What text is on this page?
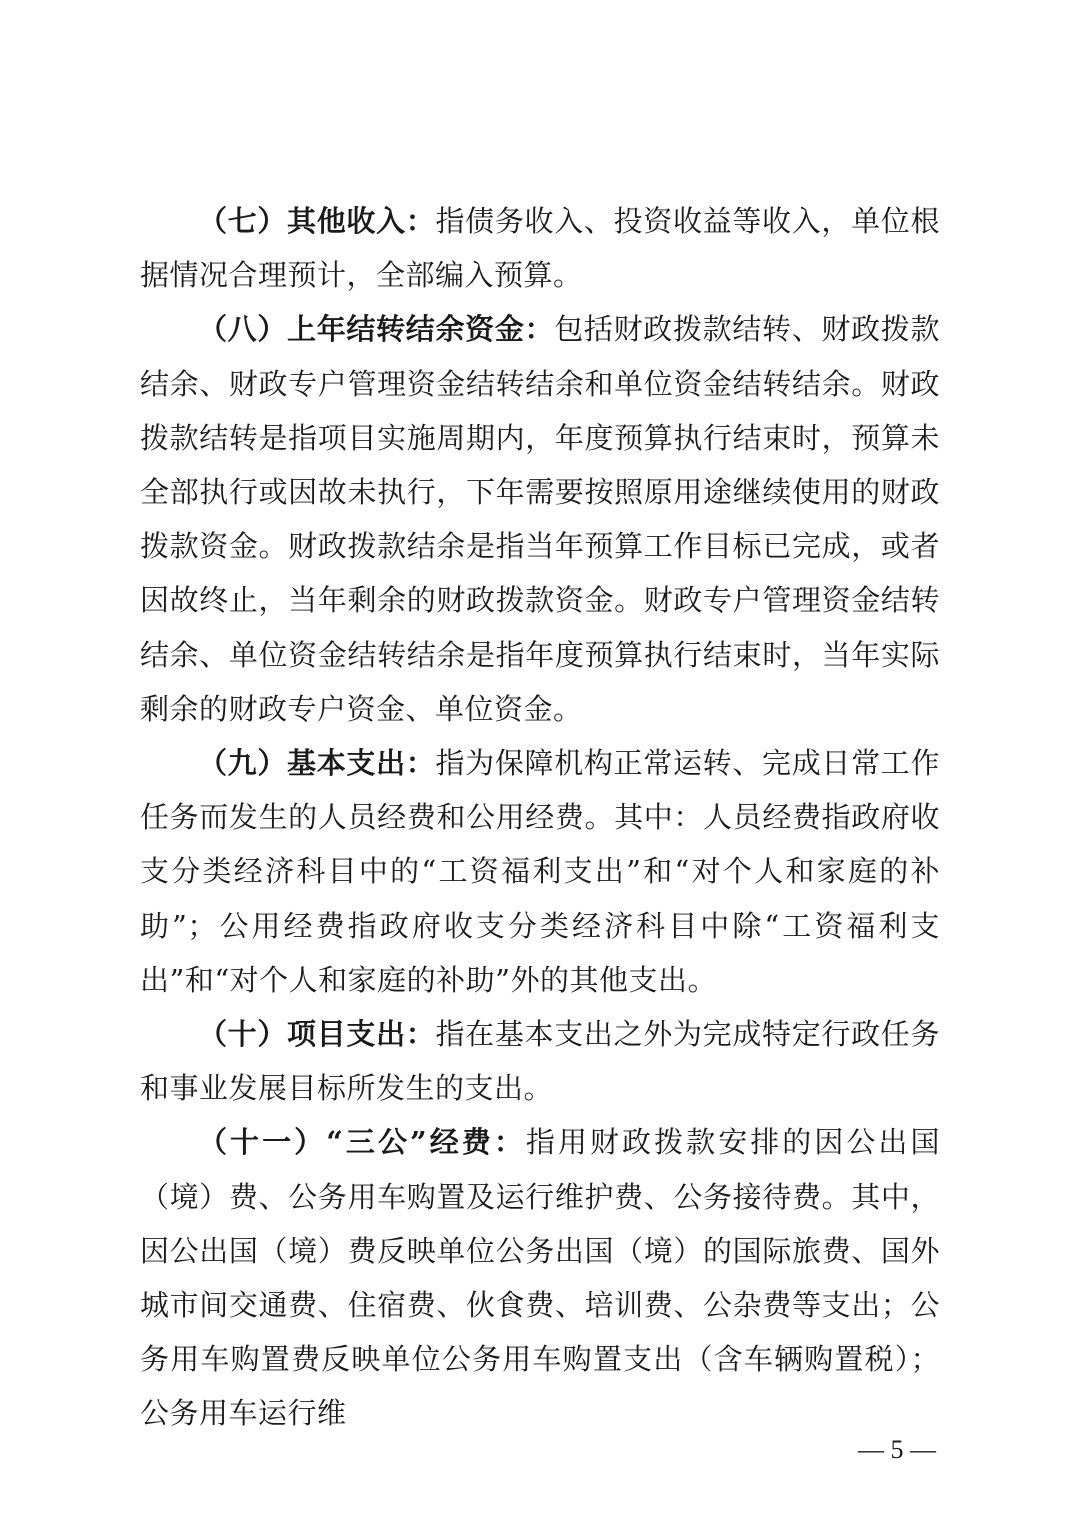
（七）其他收入：指债务收入、投资收益等收入，单位根据情况合理预计，全部编入预算。

（八）上年结转结余资金：包括财政拨款结转、财政拨款结余、财政专户管理资金结转结余和单位资金结转结余。财政拨款结转是指项目实施周期内，年度预算执行结束时，预算未全部执行或因故未执行，下年需要按照原用途继续使用的财政拨款资金。财政拨款结余是指当年预算工作目标已完成，或者因故终止，当年剩余的财政拨款资金。财政专户管理资金结转结余、单位资金结转结余是指年度预算执行结束时，当年实际剩余的财政专户资金、单位资金。

（九）基本支出：指为保障机构正常运转、完成日常工作任务而发生的人员经费和公用经费。其中：人员经费指政府收支分类经济科目中的“工资福利支出”和“对个人和家庭的补助”；公用经费指政府收支分类经济科目中除“工资福利支出”和“对个人和家庭的补助”外的其他支出。

（十）项目支出：指在基本支出之外为完成特定行政任务和事业发展目标所发生的支出。

（十一）“三公”经费：指用财政拨款安排的因公出国（境）费、公务用车购置及运行维护费、公务接待费。其中，因公出国（境）费反映单位公务出国（境）的国际旅费、国外城市间交通费、住宿费、伙食费、培训费、公杂费等支出；公务用车购置费反映单位公务用车购置支出（含车辆购置税）；公务用车运行维

— 5 —
